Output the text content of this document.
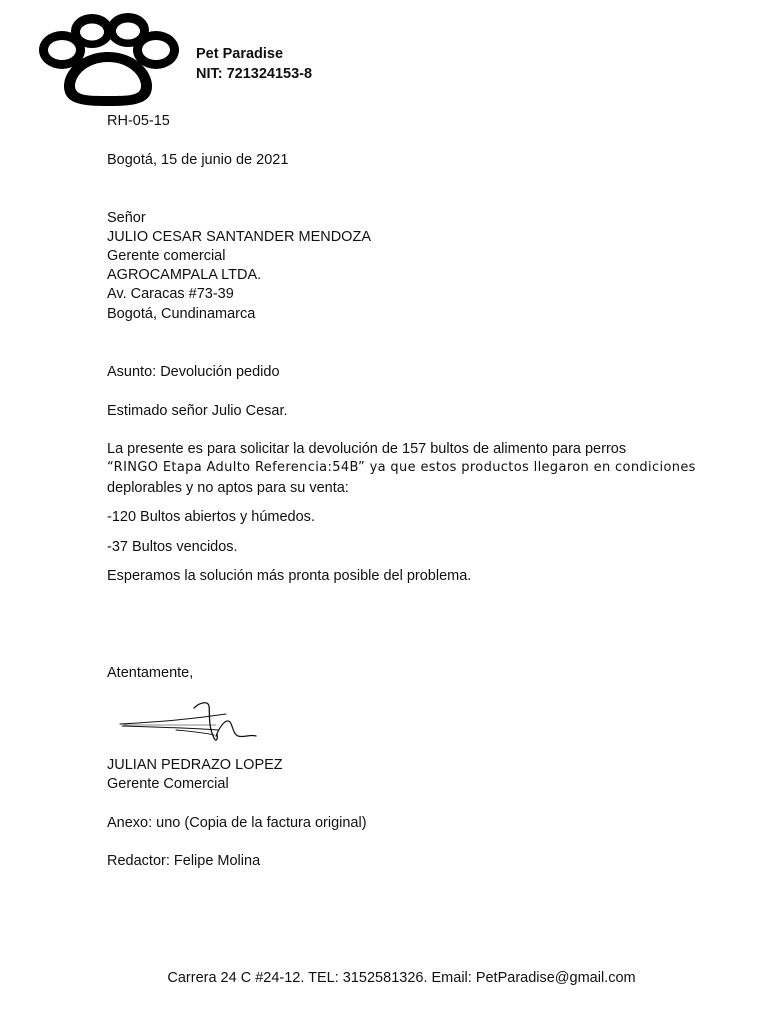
Pet Paradise
NIT: 721324153-8
RH-05-15
Bogotá, 15 de junio de 2021
Señor
JULIO CESAR SANTANDER MENDOZA
Gerente comercial
AGROCAMPALA LTDA.
Av. Caracas #73-39
Bogotá, Cundinamarca
Asunto: Devolución pedido
Estimado señor Julio Cesar.
La presente es para solicitar la devolución de 157 bultos de alimento para perros
“RINGO Etapa Adulto Referencia:54B” ya que estos productos llegaron en condiciones
deplorables y no aptos para su venta:
-120 Bultos abiertos y húmedos.
-37 Bultos vencidos.
Esperamos la solución más pronta posible del problema.
Atentamente,
JULIAN PEDRAZO LOPEZ
Gerente Comercial
Anexo: uno (Copia de la factura original)
Redactor: Felipe Molina
Carrera 24 C #24-12. TEL: 3152581326. Email: PetParadise@gmail.com
